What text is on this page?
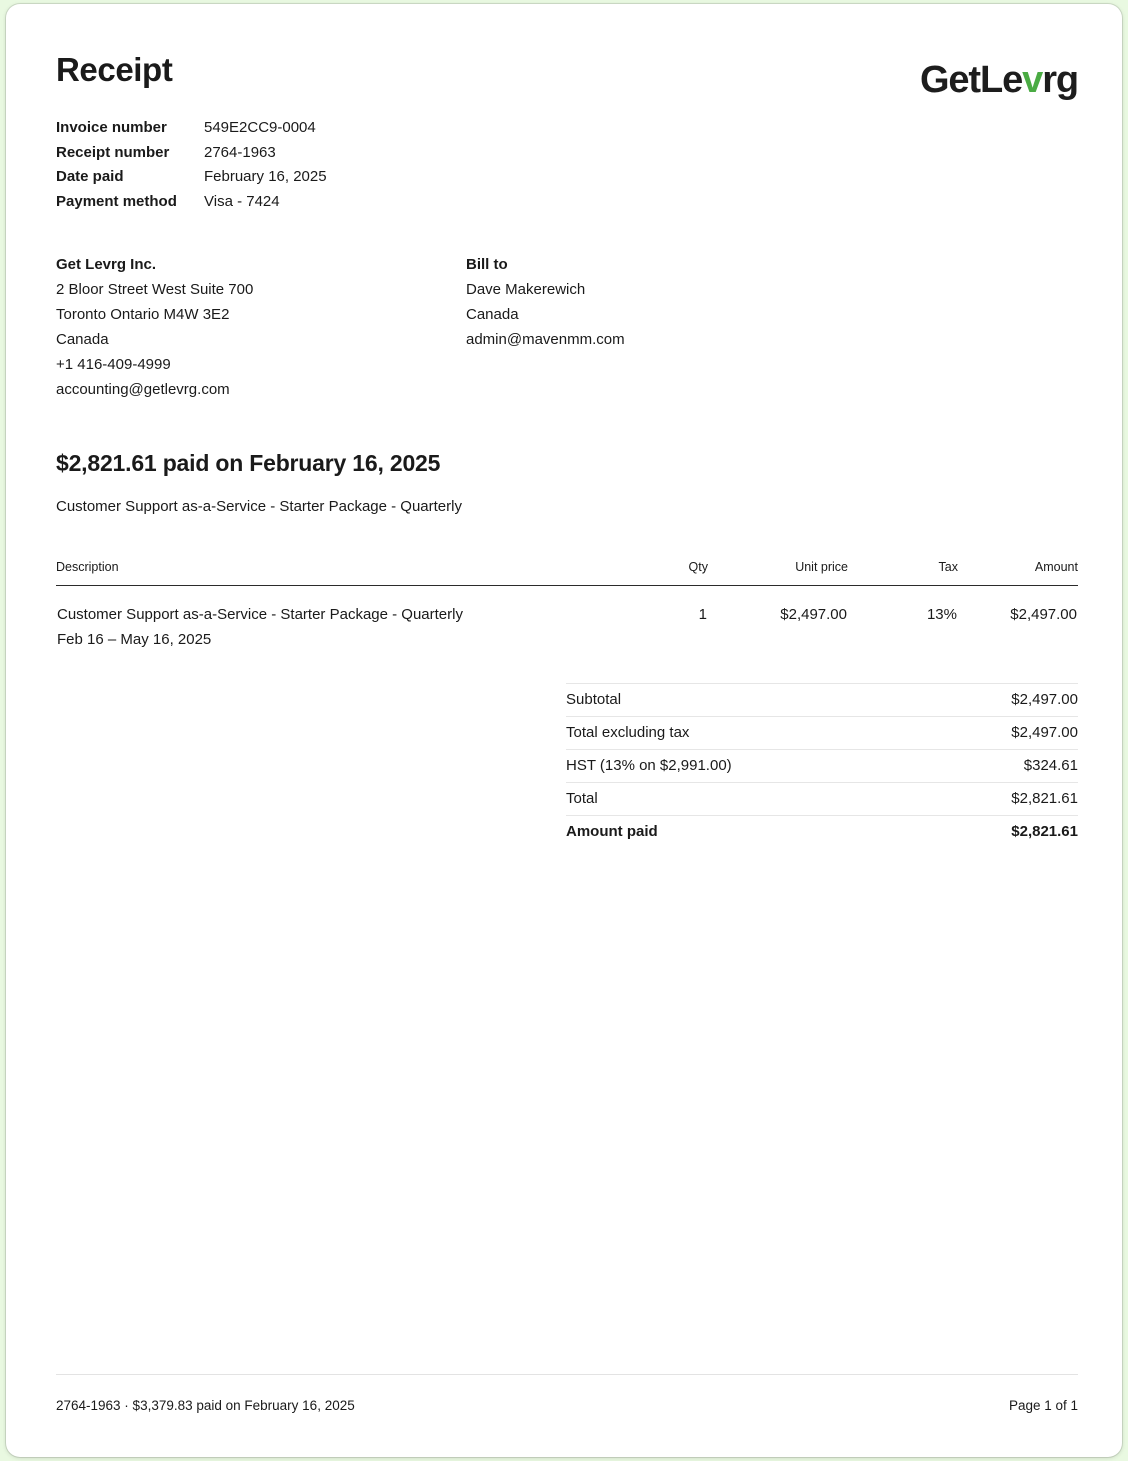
Receipt	GetLevrg
Invoice number	549E2CC9-0004
Receipt number	2764-1963
Date paid	February 16, 2025
Payment method	Visa - 7424
Get Levrg Inc.
2 Bloor Street West Suite 700
Toronto Ontario M4W 3E2
Canada
+1 416-409-4999
accounting@getlevrg.com
Bill to
Dave Makerewich
Canada
admin@mavenmm.com
$2,821.61 paid on February 16, 2025
Customer Support as-a-Service - Starter Package - Quarterly
Description	Qty	Unit price	Tax	Amount
Customer Support as-a-Service - Starter Package - Quarterly
Feb 16 – May 16, 2025	1	$2,497.00	13%	$2,497.00
Subtotal	$2,497.00
Total excluding tax	$2,497.00
HST (13% on $2,991.00)	$324.61
Total	$2,821.61
Amount paid	$2,821.61
2764-1963 · $3,379.83 paid on February 16, 2025	Page 1 of 1
